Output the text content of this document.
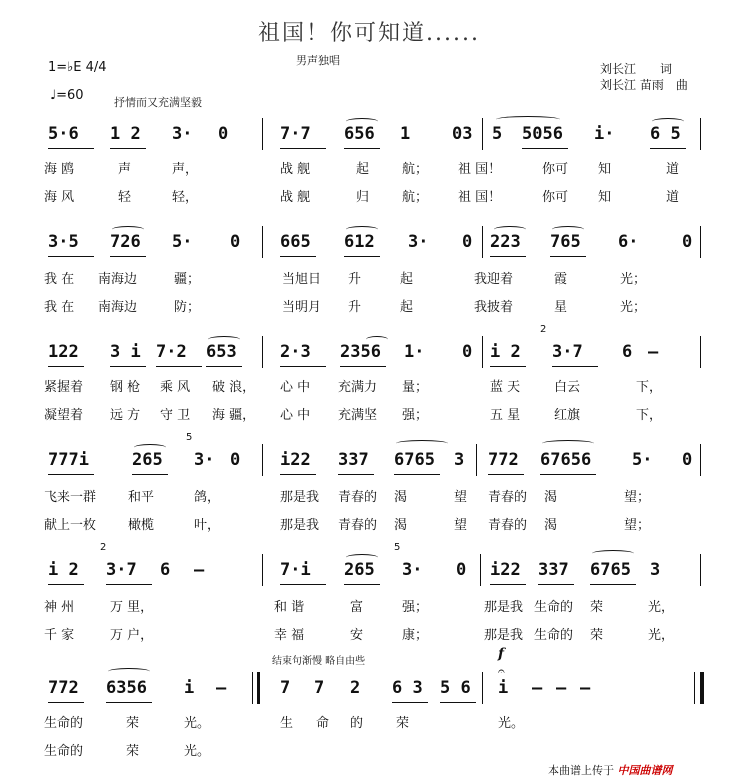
祖国！你可知道......
男声独唱
1=♭E 4/4
♩=60	抒情而又充满坚毅
刘长江　　词
刘长江 苗雨　曲
5·6 1 2 3· 0	7·7 656 1 03 5 5056 i· 6 5
海 鸥	声	声，	战 舰	起	航； 祖 国！	你可 知	道
海 风	轻	轻，	战 舰	归	航； 祖 国！	你可 知	道
3·5 726 5· 0 665 612 3· 0 223 765 6·	0
我 在 南海边	疆；	当旭日 升	起	我迎着	霞	光；
我 在 南海边	防；	当明月 升	起	我披着	星	光；
122 3 i 7·2 653	2·3 2356 1· 0 i 2 3·7 6 —
2
紧握着 钢 枪 乘 风 破 浪， 心 中 充满力 量；	蓝 天	白云	下，
凝望着 远 方 守 卫 海 疆， 心 中 充满坚 强；	五 星	红旗	下，
777i	265 3· 0 i22 337 6765 3 772 67656 5· 0
5
飞来一群 和平	鸽，	那是我 青春的 渴	望 青春的 渴	望；
献上一枚 橄榄	叶，	那是我 青春的 渴	望 青春的 渴	望；
i 2 3·7 6 —	7·i 265 3· 0 i22 337 6765 3
2	5
神 州	万 里，	和 谐	富	强；	那是我 生命的 荣	光，
千 家	万 户，	幸 福	安	康；	那是我 生命的 荣	光，
结束句渐慢 略自由些	f
772 6356 i —	7 7 2 6 3 5 6 i — — —
𝄐
生命的	荣	光。	生 命 的	荣	光。
生命的	荣	光。
本曲谱上传于 中国曲谱网
